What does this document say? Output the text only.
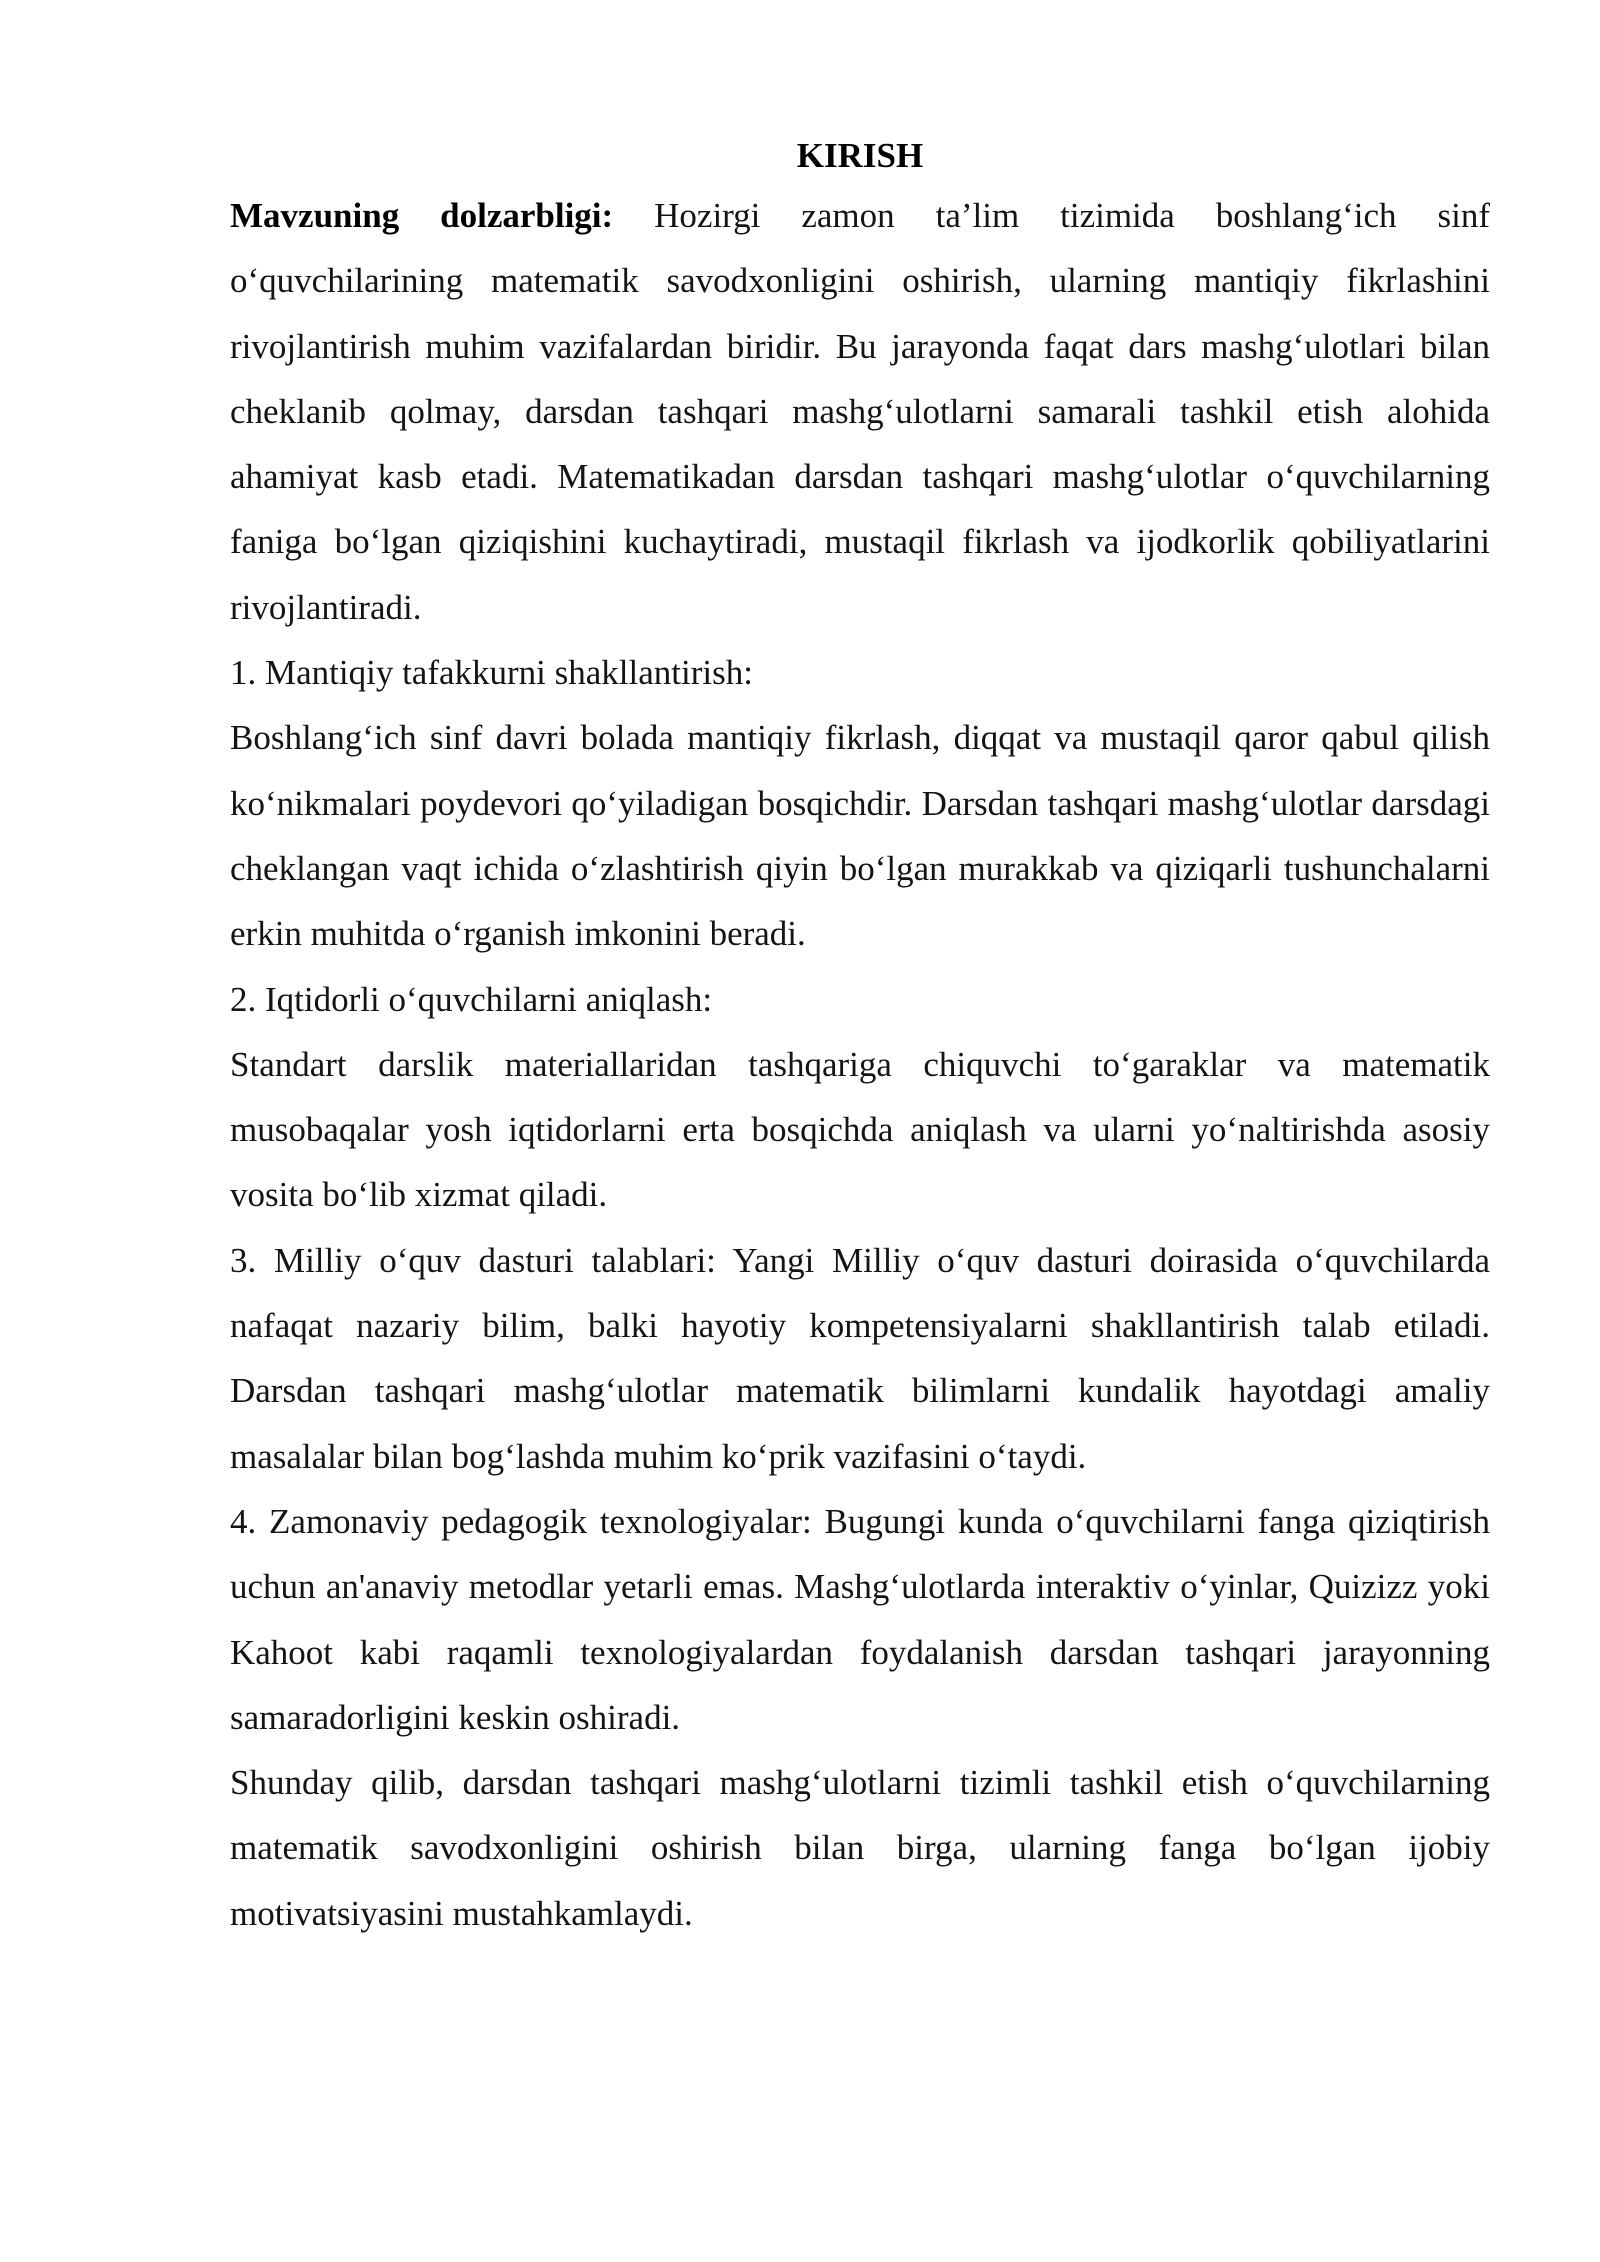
KIRISH

Mavzuning dolzarbligi: Hozirgi zamon ta’lim tizimida boshlang‘ich sinf o‘quvchilarining matematik savodxonligini oshirish, ularning mantiqiy fikrlashini rivojlantirish muhim vazifalardan biridir. Bu jarayonda faqat dars mashg‘ulotlari bilan cheklanib qolmay, darsdan tashqari mashg‘ulotlarni samarali tashkil etish alohida ahamiyat kasb etadi. Matematikadan darsdan tashqari mashg‘ulotlar o‘quvchilarning faniga bo‘lgan qiziqishini kuchaytiradi, mustaqil fikrlash va ijodkorlik qobiliyatlarini rivojlantiradi.

1. Mantiqiy tafakkurni shakllantirish:

Boshlang‘ich sinf davri bolada mantiqiy fikrlash, diqqat va mustaqil qaror qabul qilish ko‘nikmalari poydevori qo‘yiladigan bosqichdir. Darsdan tashqari mashg‘ulotlar darsdagi cheklangan vaqt ichida o‘zlashtirish qiyin bo‘lgan murakkab va qiziqarli tushunchalarni erkin muhitda o‘rganish imkonini beradi.

2. Iqtidorli o‘quvchilarni aniqlash:

Standart darslik materiallaridan tashqariga chiquvchi to‘garaklar va matematik musobaqalar yosh iqtidorlarni erta bosqichda aniqlash va ularni yo‘naltirishda asosiy vosita bo‘lib xizmat qiladi.

3. Milliy o‘quv dasturi talablari: Yangi Milliy o‘quv dasturi doirasida o‘quvchilarda nafaqat nazariy bilim, balki hayotiy kompetensiyalarni shakllantirish talab etiladi. Darsdan tashqari mashg‘ulotlar matematik bilimlarni kundalik hayotdagi amaliy masalalar bilan bog‘lashda muhim ko‘prik vazifasini o‘taydi.

4. Zamonaviy pedagogik texnologiyalar: Bugungi kunda o‘quvchilarni fanga qiziqtirish uchun an'anaviy metodlar yetarli emas. Mashg‘ulotlarda interaktiv o‘yinlar, Quizizz yoki Kahoot kabi raqamli texnologiyalardan foydalanish darsdan tashqari jarayonning samaradorligini keskin oshiradi.

Shunday qilib, darsdan tashqari mashg‘ulotlarni tizimli tashkil etish o‘quvchilarning matematik savodxonligini oshirish bilan birga, ularning fanga bo‘lgan ijobiy motivatsiyasini mustahkamlaydi.
